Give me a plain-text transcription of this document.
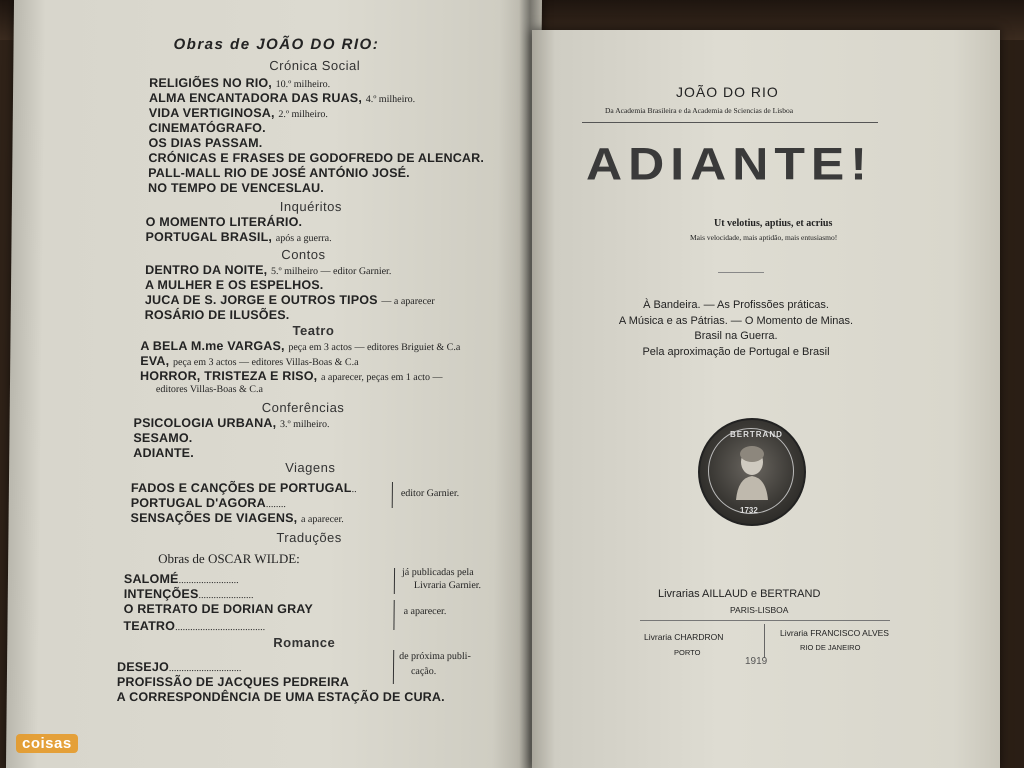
Obras de JOÃO DO RIO:
Crónica Social
RELIGIÕES NO RIO, 10.º milheiro.
ALMA ENCANTADORA DAS RUAS, 4.º milheiro.
VIDA VERTIGINOSA, 2.º milheiro.
CINEMATÓGRAFO.
OS DIAS PASSAM.
CRÓNICAS E FRASES DE GODOFREDO DE ALENCAR.
PALL-MALL RIO DE JOSÉ ANTÓNIO JOSÉ.
NO TEMPO DE VENCESLAU.
Inquéritos
O MOMENTO LITERÁRIO.
PORTUGAL BRASIL, após a guerra.
Contos
DENTRO DA NOITE, 5.º milheiro — editor Garnier.
A MULHER E OS ESPELHOS.
JUCA DE S. JORGE E OUTROS TIPOS — a aparecer
ROSÁRIO DE ILUSÕES.
Teatro
A BELA M.me VARGAS, peça em 3 actos — editores Briguiet & C.a
EVA, peça em 3 actos — editores Villas-Boas & C.a
HORROR, TRISTEZA E RISO, a aparecer, peças em 1 acto —
editores Villas-Boas & C.a
Conferências
PSICOLOGIA URBANA, 3.º milheiro.
SESAMO.
ADIANTE.
Viagens
FADOS E CANÇÕES DE PORTUGAL..
PORTUGAL D'AGORA........
SENSAÇÕES DE VIAGENS, a aparecer.
editor Garnier.
Traduções
Obras de OSCAR WILDE:
SALOMÉ........................
INTENÇÕES......................
O RETRATO DE DORIAN GRAY
TEATRO....................................
já publicadas pela
Livraria Garnier.
a aparecer.
Romance
DESEJO.............................
PROFISSÃO DE JACQUES PEDREIRA
A CORRESPONDÊNCIA DE UMA ESTAÇÃO DE CURA.
de próxima publi-
cação.
JOÃO DO RIO
Da Academia Brasileira e da Academia de Sciencias de Lisboa
ADIANTE!
Ut velotius, aptius, et acrius
Mais velocidade, mais aptidão, mais entusiasmo!
À Bandeira. — As Profissões práticas.
A Música e as Pátrias. — O Momento de Minas.
Brasil na Guerra.
Pela aproximação de Portugal e Brasil
BERTRAND
1732
Livrarias AILLAUD e BERTRAND
PARIS-LISBOA
Livraria CHARDRON
PORTO
Livraria FRANCISCO ALVES
RIO DE JANEIRO
1919
coisas
